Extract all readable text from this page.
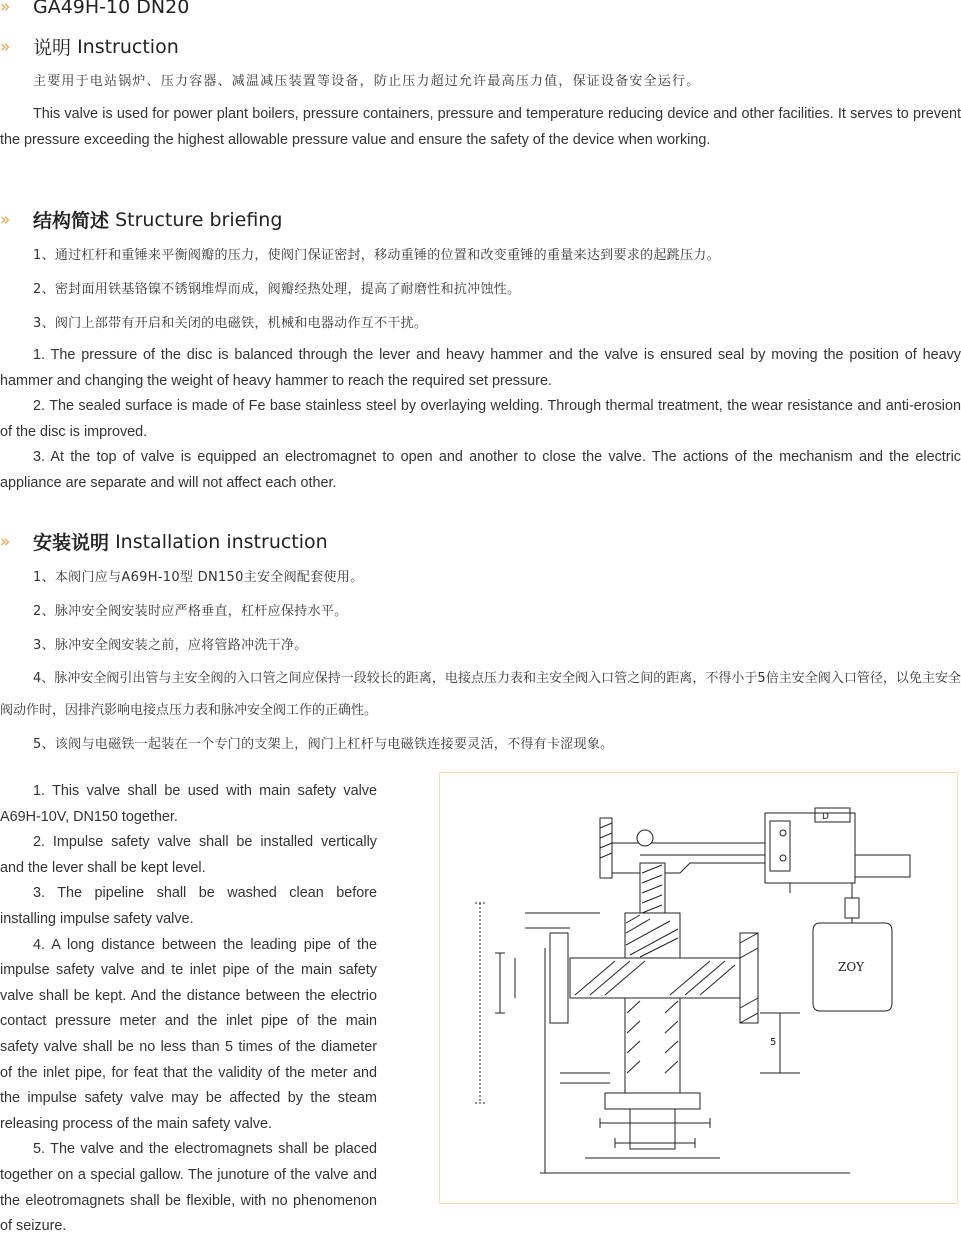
»	GA49H-10 DN20
»	说明
Instruction
主要用于电站锅炉、压力容器、减温减压装置等设备，防止压力超过允许最高压力值，保证设备安全运行。

This valve is used for power plant boilers, pressure containers, pressure and temperature reducing device and other facilities. It serves to prevent the pressure exceeding the highest allowable pressure value and ensure the safety of the device when working.

»	结构简述
Structure briefing
1、通过杠杆和重锤来平衡阀瓣的压力，使阀门保证密封，移动重锤的位置和改变重锤的重量来达到要求的起跳压力。
2、密封面用铁基铬镍不锈钢堆焊而成，阀瓣经热处理，提高了耐磨性和抗冲蚀性。
3、阀门上部带有开启和关闭的电磁铁，机械和电器动作互不干扰。

1. The pressure of the disc is balanced through the lever and heavy hammer and the valve is ensured seal by moving the position of heavy hammer and changing the weight of heavy hammer to reach the required set pressure.

2. The sealed surface is made of Fe base stainless steel by overlaying welding. Through thermal treatment, the wear resistance and anti-erosion of the disc is improved.

3. At the top of valve is equipped an electromagnet to open and another to close the valve. The actions of the mechanism and the electric appliance are separate and will not affect each other.

»	安装说明
Installation instruction
1、本阀门应与A69H-10型 DN150主安全阀配套使用。
2、脉冲安全阀安装时应严格垂直，杠杆应保持水平。
3、脉冲安全阀安装之前，应将管路冲洗干净。

4、脉冲安全阀引出管与主安全阀的入口管之间应保持一段较长的距离，电接点压力表和主安全阀入口管之间的距离，不得小于5倍主安全阀入口管径，以免主安全阀动作时，因排汽影响电接点压力表和脉冲安全阀工作的正确性。

5、该阀与电磁铁一起装在一个专门的支架上，阀门上杠杆与电磁铁连接要灵活，不得有卡涩现象。

1. This valve shall be used with main safety valve A69H-10V, DN150 together.

2. Impulse safety valve shall be installed vertically and the lever shall be kept level.

3. The pipeline shall be washed clean before installing impulse safety valve.

4. A long distance between the leading pipe of the impulse safety valve and te inlet pipe of the main safety valve shall be kept. And the distance between the electrio contact pressure meter and the inlet pipe of the main safety valve shall be no less than 5 times of the diameter of the inlet pipe, for feat that the validity of the meter and the impulse safety valve may be affected by the steam releasing process of the main safety valve.

5. The valve and the electromagnets shall be placed together on a special gallow. The junoture of the valve and the eleotromagnets shall be flexible, with no phenomenon of seizure.

D
5
ZOY
